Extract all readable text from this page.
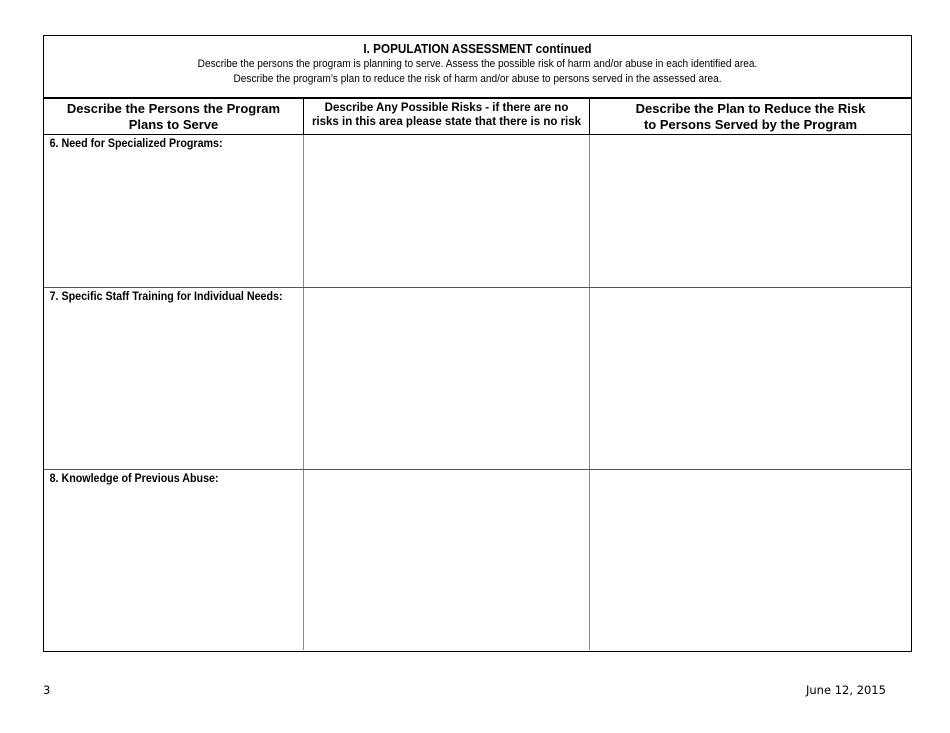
I. POPULATION ASSESSMENT continued
Describe the persons the program is planning to serve. Assess the possible risk of harm and/or abuse in each identified area.
Describe the program’s plan to reduce the risk of harm and/or abuse to persons served in the assessed area.
Describe the Persons the Program
Plans to Serve
Describe Any Possible Risks - if there are no
risks in this area please state that there is no risk
Describe the Plan to Reduce the Risk
to Persons Served by the Program
6. Need for Specialized Programs:
7. Specific Staff Training for Individual Needs:
8. Knowledge of Previous Abuse:
3	June 12, 2015
